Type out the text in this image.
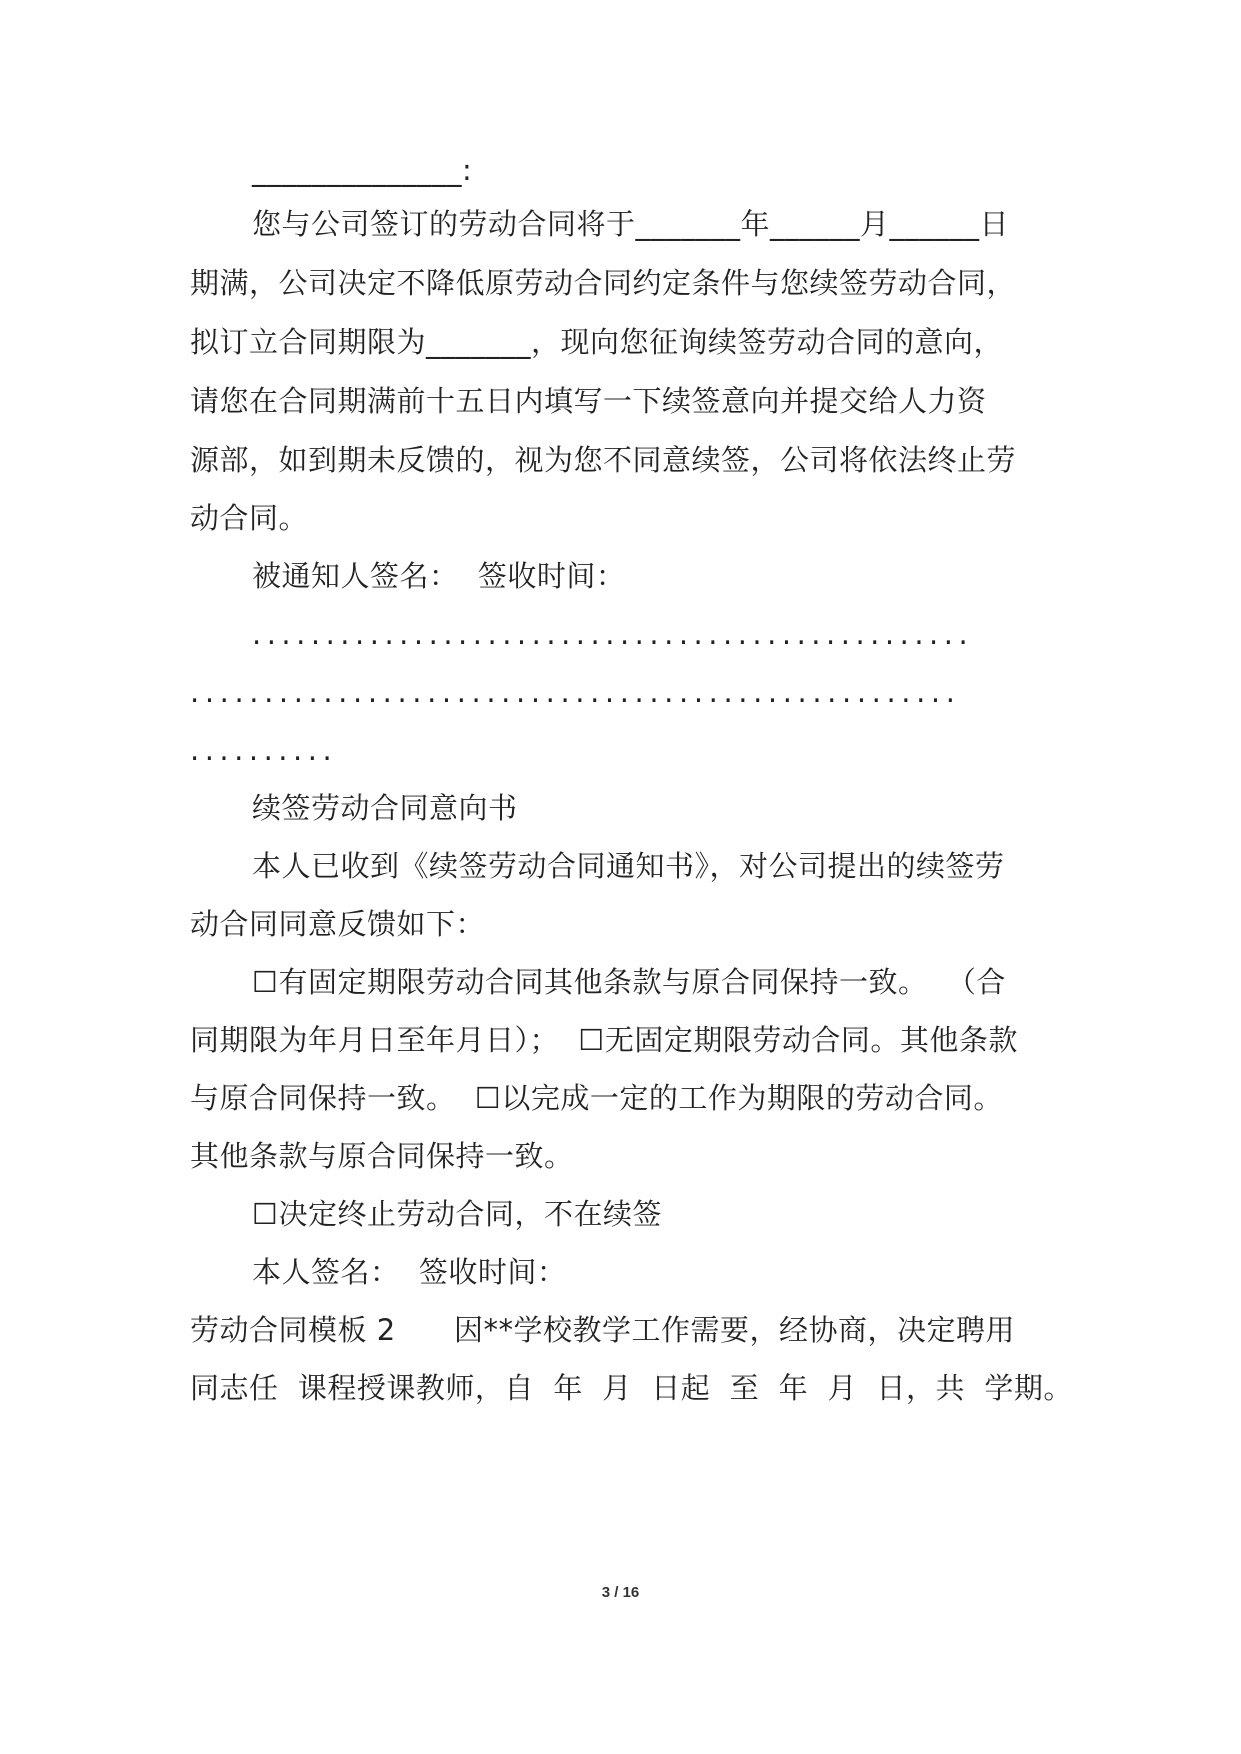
______________:
您与公司签订的劳动合同将于_______年______月______日
期满，公司决定不降低原劳动合同约定条件与您续签劳动合同，
拟订立合同期限为_______，现向您征询续签劳动合同的意向，
请您在合同期满前十五日内填写一下续签意向并提交给人力资
源部，如到期未反馈的，视为您不同意续签，公司将依法终止劳
动合同。
被通知人签名：  签收时间：
.................................................
....................................................
..........
续签劳动合同意向书
本人已收到《续签劳动合同通知书》，对公司提出的续签劳
动合同同意反馈如下：
☐有固定期限劳动合同其他条款与原合同保持一致。  （合
同期限为年月日至年月日）；  ☐无固定期限劳动合同。其他条款
与原合同保持一致。  ☐以完成一定的工作为期限的劳动合同。
其他条款与原合同保持一致。
☐决定终止劳动合同，不在续签
本人签名：  签收时间：
劳动合同模板 2      因**学校教学工作需要，经协商，决定聘用
同志任  课程授课教师，自  年  月  日起  至  年  月  日，共  学期。
3 / 16
